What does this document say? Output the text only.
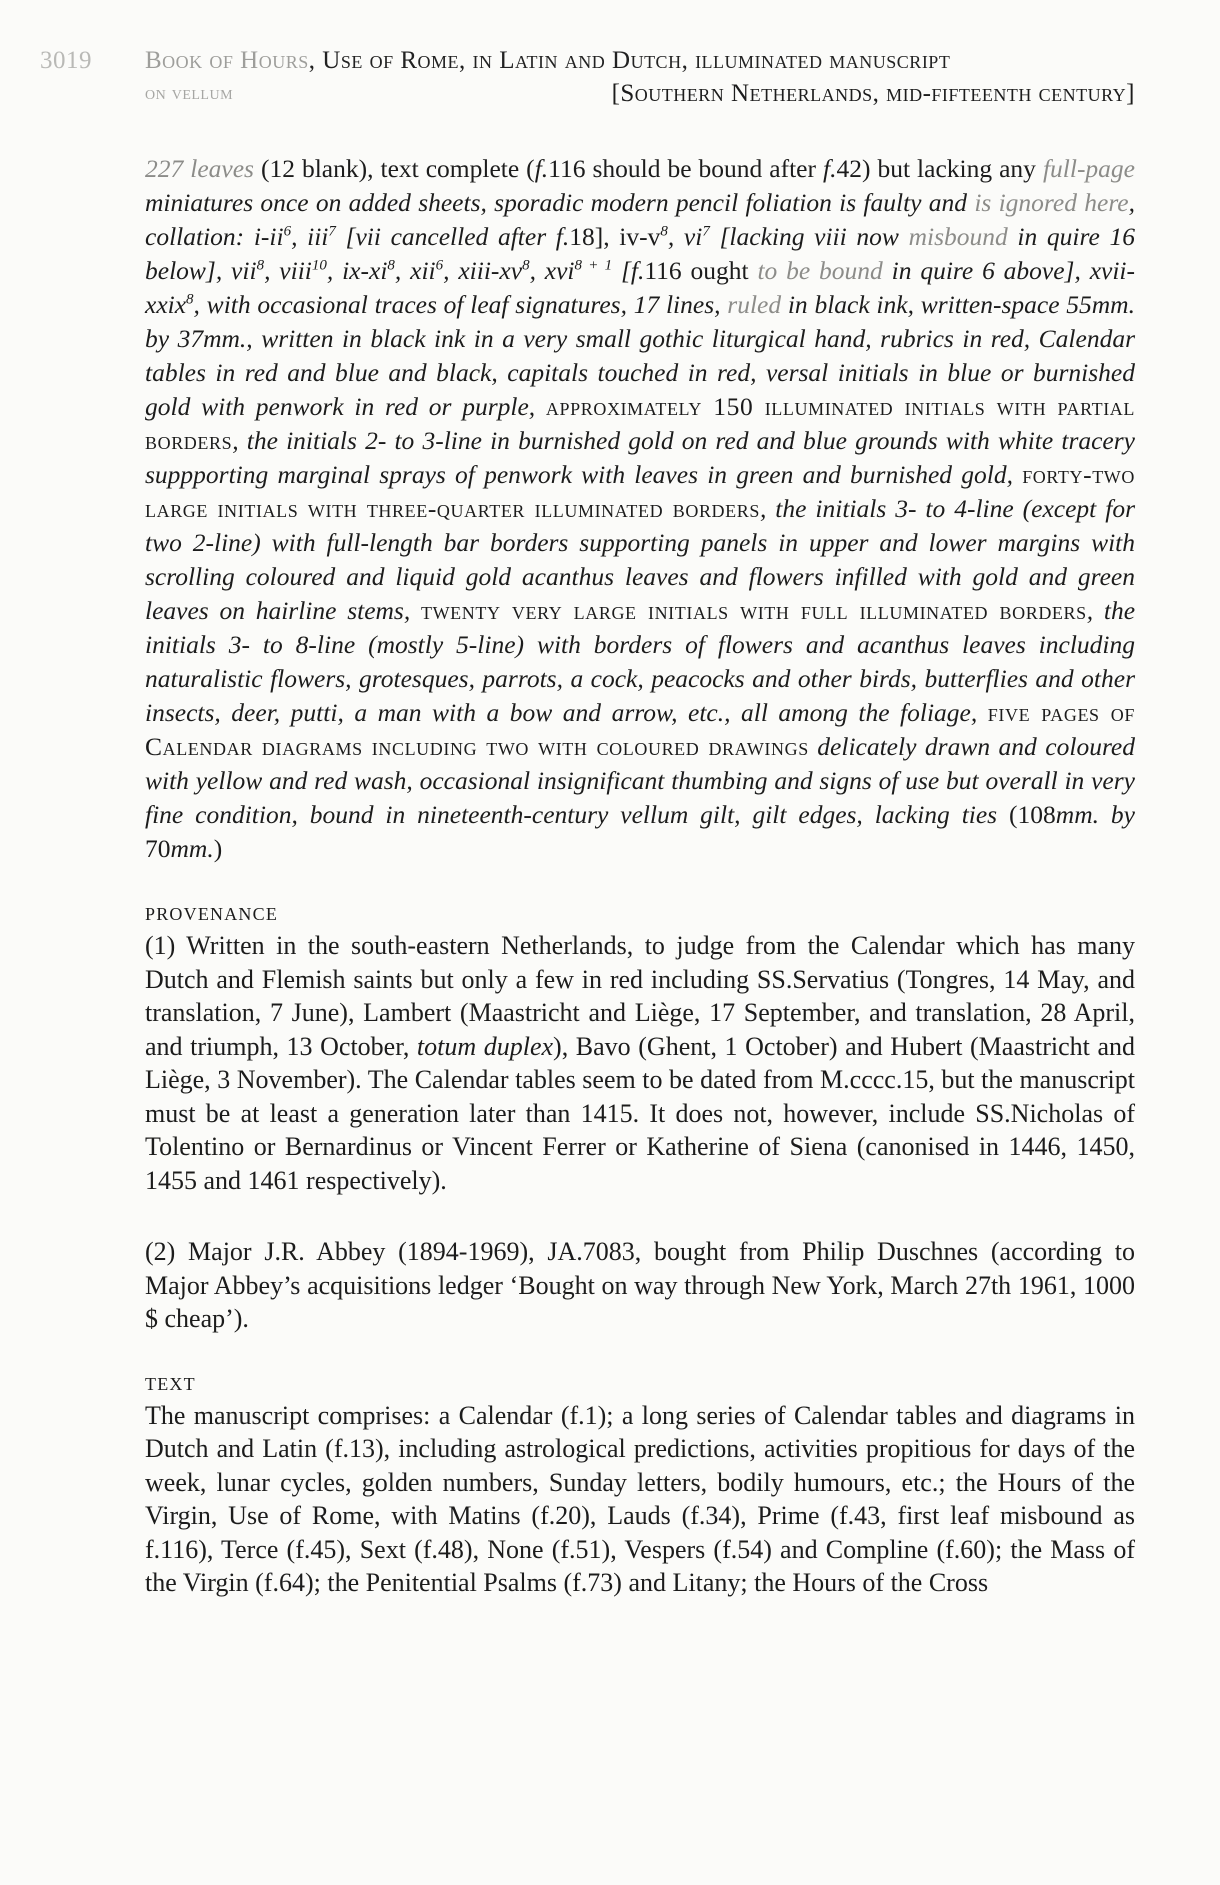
3019 Book of Hours, Use of Rome, in Latin and Dutch, illuminated manuscript
on vellum	[Southern Netherlands, mid-fifteenth century]
227 leaves (12 blank), text complete (f.116 should be bound after f.42) but lacking any full-page miniatures once on added sheets, sporadic modern pencil foliation is faulty and is ignored here, collation: $i-ii^6$, iii$^7$ [vii cancelled after f.18], $iv-v^8$, $vi^7$ [lacking viii now misbound in quire 16 below], vii$^8$, viii$^{10}$, $ix-xi^8$, xii$^6$, xiii-$xv^8$, xvi$^{8 + 1}$ [f.116 ought to be bound in quire 6 above], xvii-xxix$^8$, with occasional traces of leaf signatures, 17 lines, ruled in black ink, written-space 55mm. by 37mm., written in black ink in a very small gothic liturgical hand, rubrics in red, Calendar tables in red and blue and black, capitals touched in red, versal initials in blue or burnished gold with penwork in red or purple, approximately 150 illuminated initials with partial borders, the initials 2- to 3-line in burnished gold on red and blue grounds with white tracery suppporting marginal sprays of penwork with leaves in green and burnished gold, forty-two large initials with three-quarter illuminated borders, the initials 3- to 4-line (except for two 2-line) with full-length bar borders supporting panels in upper and lower margins with scrolling coloured and liquid gold acanthus leaves and flowers infilled with gold and green leaves on hairline stems, twenty very large initials with full illuminated borders, the initials 3- to 8-line (mostly 5-line) with borders of flowers and acanthus leaves including naturalistic flowers, grotesques, parrots, a cock, peacocks and other birds, butterflies and other insects, deer, putti, a man with a bow and arrow, etc., all among the foliage, five pages of Calendar diagrams including two with coloured drawings delicately drawn and coloured with yellow and red wash, occasional insignificant thumbing and signs of use but overall in very fine condition, bound in nineteenth-century vellum gilt, gilt edges, lacking ties (108mm. by 70mm.)
PROVENANCE
(1) Written in the south-eastern Netherlands, to judge from the Calendar which has many Dutch and Flemish saints but only a few in red including SS.Servatius (Tongres, 14 May, and translation, 7 June), Lambert (Maastricht and Liège, 17 September, and translation, 28 April, and triumph, 13 October, totum duplex), Bavo (Ghent, 1 October) and Hubert (Maastricht and Liège, 3 November). The Calendar tables seem to be dated from M.cccc.15, but the manuscript must be at least a generation later than 1415. It does not, however, include SS.Nicholas of Tolentino or Bernardinus or Vincent Ferrer or Katherine of Siena (canonised in 1446, 1450, 1455 and 1461 respectively).
(2) Major J.R. Abbey (1894-1969), JA.7083, bought from Philip Duschnes (according to Major Abbey’s acquisitions ledger ‘Bought on way through New York, March 27th 1961, 1000 $ cheap’).
TEXT
The manuscript comprises: a Calendar (f.1); a long series of Calendar tables and diagrams in Dutch and Latin (f.13), including astrological predictions, activities propitious for days of the week, lunar cycles, golden numbers, Sunday letters, bodily humours, etc.; the Hours of the Virgin, Use of Rome, with Matins (f.20), Lauds (f.34), Prime (f.43, first leaf misbound as f.116), Terce (f.45), Sext (f.48), None (f.51), Vespers (f.54) and Compline (f.60); the Mass of the Virgin (f.64); the Penitential Psalms (f.73) and Litany; the Hours of the Cross
